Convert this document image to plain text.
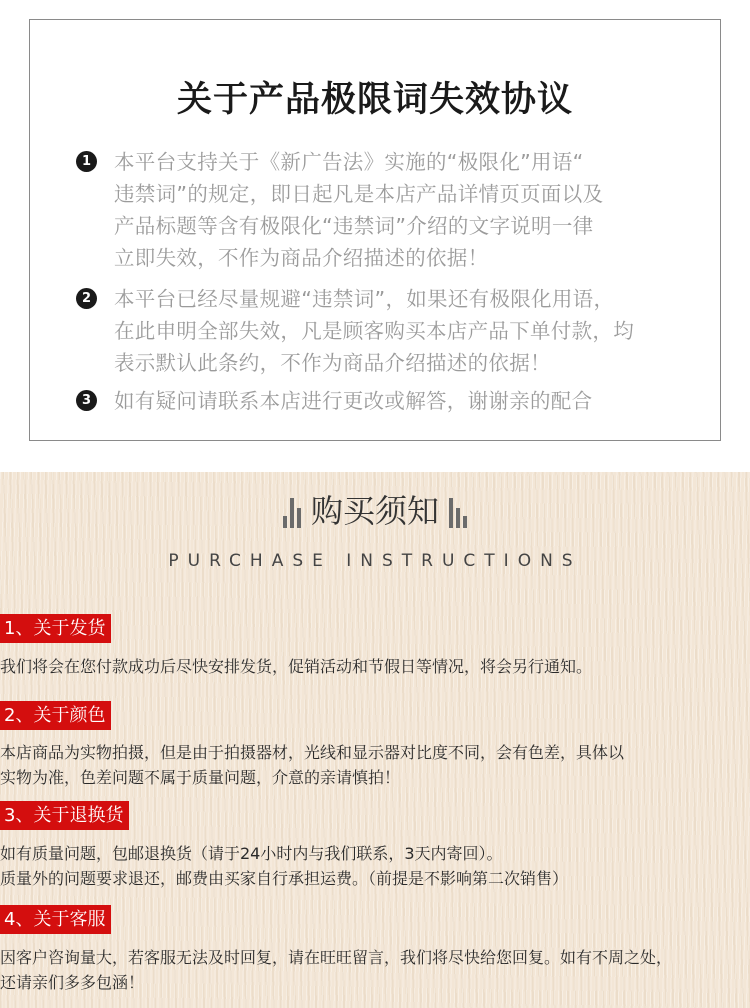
关于产品极限词失效协议
1 本平台支持关于《新广告法》实施的“极限化”用语“
违禁词”的规定，即日起凡是本店产品详情页页面以及
产品标题等含有极限化“违禁词”介绍的文字说明一律
立即失效，不作为商品介绍描述的依据！
2 本平台已经尽量规避“违禁词”，如果还有极限化用语，
在此申明全部失效，凡是顾客购买本店产品下单付款，均
表示默认此条约，不作为商品介绍描述的依据！
3 如有疑问请联系本店进行更改或解答，谢谢亲的配合
购买须知
PURCHASE INSTRUCTIONS
1、关于发货

我们将会在您付款成功后尽快安排发货，促销活动和节假日等情况，将会另行通知。

2、关于颜色

本店商品为实物拍摄，但是由于拍摄器材，光线和显示器对比度不同，会有色差，具体以

实物为准，色差问题不属于质量问题，介意的亲请慎拍！

3、关于退换货

如有质量问题，包邮退换货（请于24小时内与我们联系，3天内寄回）。

质量外的问题要求退还，邮费由买家自行承担运费。（前提是不影响第二次销售）

4、关于客服

因客户咨询量大，若客服无法及时回复，请在旺旺留言，我们将尽快给您回复。如有不周之处，

还请亲们多多包涵！
